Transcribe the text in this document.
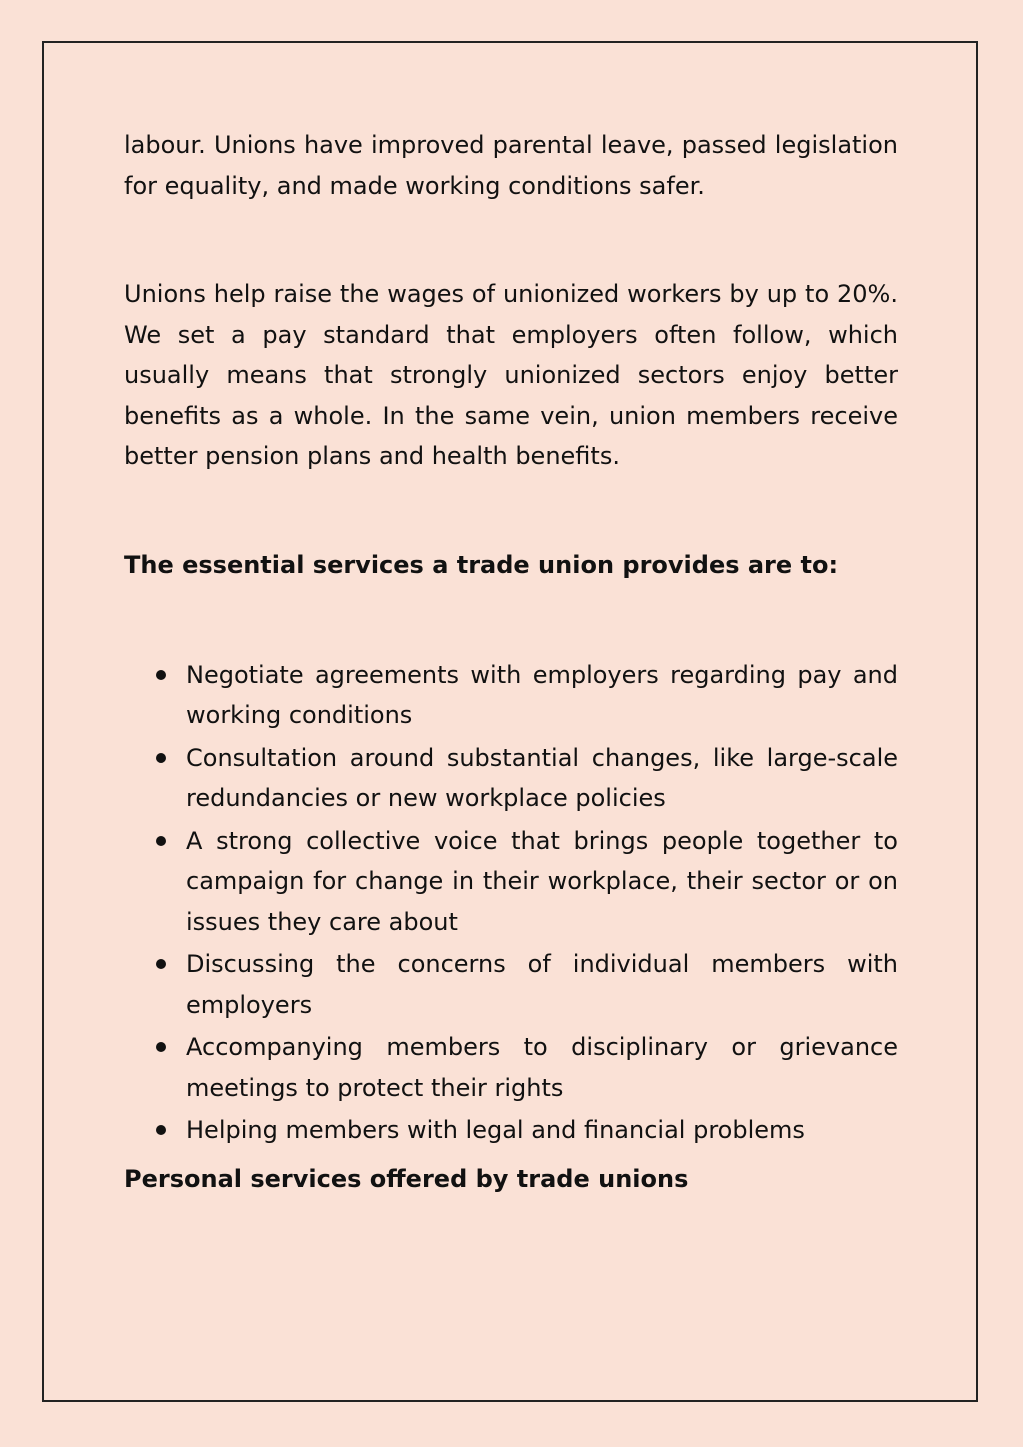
labour. Unions have improved parental leave, passed legislation for equality, and made working conditions safer.

Unions help raise the wages of unionized workers by up to 20%. We set a pay standard that employers often follow, which usually means that strongly unionized sectors enjoy better benefits as a whole. In the same vein, union members receive better pension plans and health benefits.

The essential services a trade union provides are to:
Negotiate agreements with employers regarding pay and working conditions
Consultation around substantial changes, like large-scale redundancies or new workplace policies
A strong collective voice that brings people together to campaign for change in their workplace, their sector or on issues they care about
Discussing the concerns of individual members with employers
Accompanying members to disciplinary or grievance meetings to protect their rights
Helping members with legal and financial problems
Personal services offered by trade unions
